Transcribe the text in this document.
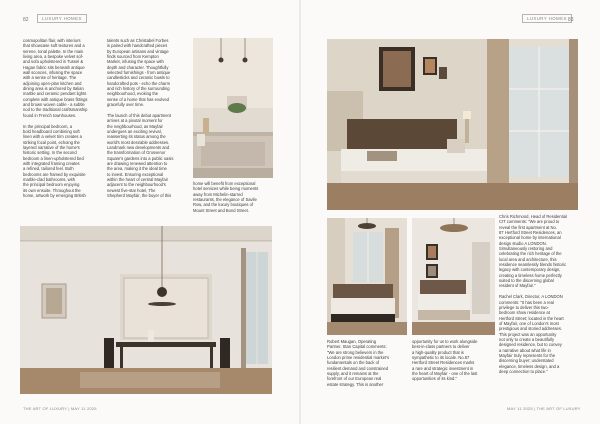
82	LUXURY HOMES
cosmopolitan flair, with interiors
that showcase soft textures and a
serene, tonal palette. In the main
living area, a bespoke velvet sof-
and sofa upholstered in Tussel &
Hagan fabric sits beneath antique
wall sconces, infusing the space
with a sense of heritage. The
adjoining open-plan kitchen and
dining area is anchored by Italian
marble and ceramic pendant lights
complete with antique brass fittings
and brown woven cable - a subtle
nod to the traditional craftsmanship
found in French townhouses.

In the principal bedroom, a
bold headboard combining soft
linen with a velvet trim creates a
striking focal point, echoing the
layered narrative of the home's
historic setting. In the second
bedroom a linen-upholstered bed
with integrated framing creates
a refined, tailored feel. Both
bedrooms are framed by exquisite
marble-clad bathrooms, with
the principal bedroom enjoying
its own ensuite. Throughout the
home, artwork by emerging British
talents such as Christabel Forbes
is paired with handcrafted pieces
by European artisans and vintage
finds sourced from Kempton
Market, infusing the space with
depth and character. Thoughtfully
selected furnishings - from antique
candlesticks and ceramic bowls to
handcrafted pots - echo the charm
and rich history of the surrounding
neighbourhood, evoking the
sense of a home that has evolved
gracefully over time.

The launch of this debut apartment
arrives at a pivotal moment for
the neighbourhood, as Mayfair
undergoes an exciting revival,
reasserting its status among the
world's most desirable addresses.
Landmark new developments and
the transformation of Grosvenor
Square's gardens into a public oasis
are drawing renewed attention to
the area, making it the ideal time
to invest. Ensuring exceptional
within the heart of central Mayfair
adjacent to the neighbourhood's
newest five-star hotel, The
Shepherd Mayfair, the buyer of this
home will benefit from exceptional
hotel services while being moments
away from Michelin-starred
restaurants, the elegance of Savile
Row, and the luxury boutiques of
Mount Street and Bond Street.
THE ART OF LUXURY | MAY 11 2025
LUXURY HOMES 83
Robert Maugan, Operating
Partner, Stan Capital comments:
"We are strong believers in the
London prime residential market's
fundamentals on the back of
resilient demand and constrained
supply, and it remains at the
forefront of our European real
estate strategy. This is another
opportunity for us to work alongside
best-in-class partners to deliver
a high-quality product that is
sympathetic to its locale. No.87
Hertford Street Residences marks
a rare and strategic investment in
the heart of Mayfair - one of the last
opportunities of its kind."
Chris Richmond, Head of Residential
CIT comments: "We are proud to
reveal the first apartment at No.
87 Hertford Street Residences, an
exceptional home by international
design studio A LONDON.
Simultaneously restoring and
celebrating the rich heritage of the
local area and architecture, this
residence seamlessly blends historic
legacy with contemporary design,
creating a timeless home perfectly
suited to the discerning global
resident of Mayfair."

Rachel Clark, Director, A LONDON
comments: "It has been a real
privilege to deliver this two-
bedroom show residence at
Hertford Street; located in the heart
of Mayfair, one of London's most
prestigious and storied addresses.
This project was an opportunity
not only to create a beautifully
designed residence, but to convey
a narrative about what life in
Mayfair truly represents for the
discerning buyer; understated
elegance, timeless design, and a
deep connection to place."
MAY 11 2025 | THE ART OF LUXURY
